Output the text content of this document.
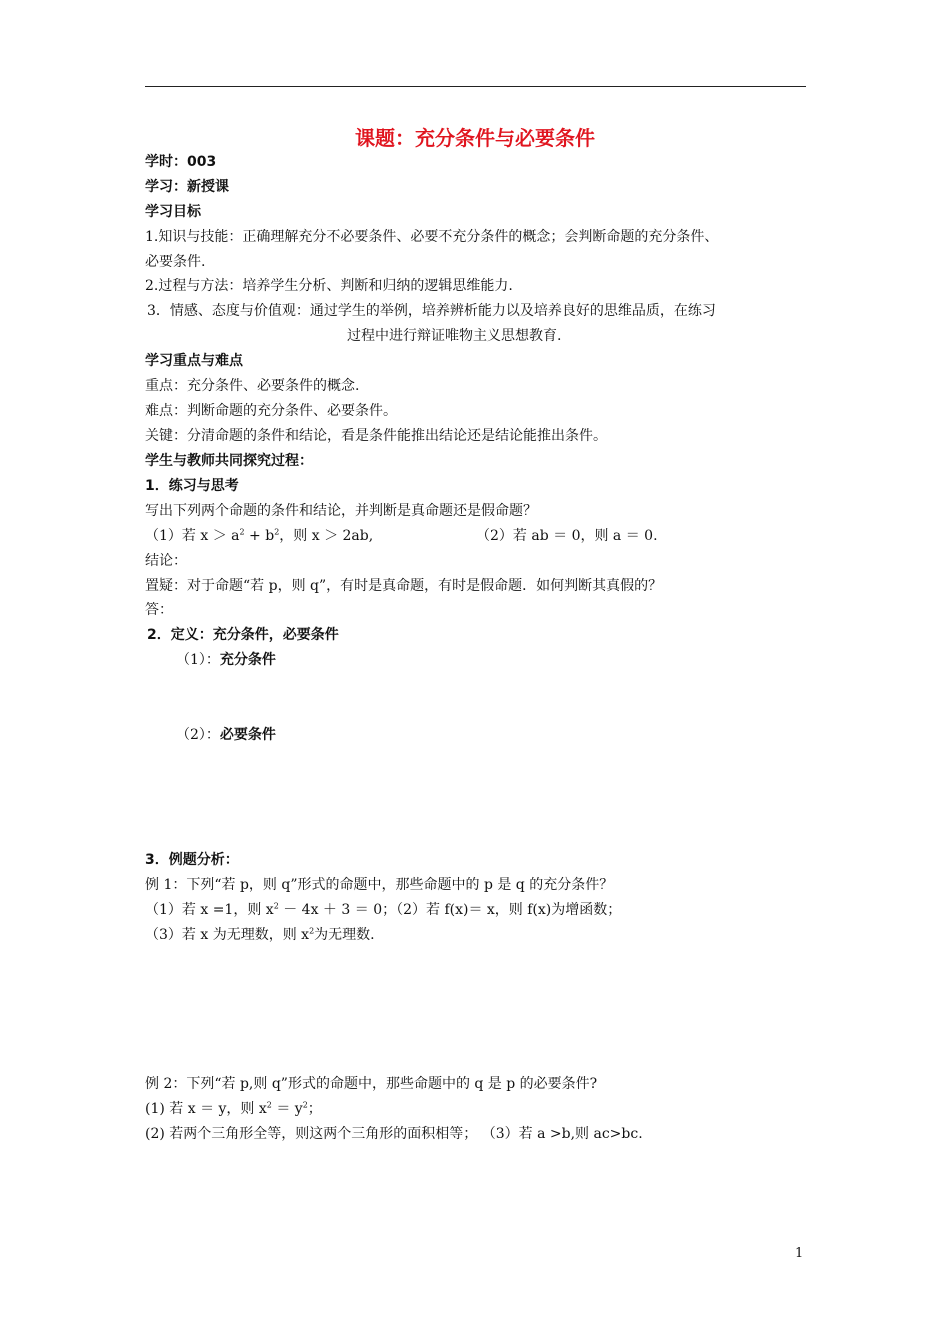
课题：充分条件与必要条件
学时：003
学习：新授课
学习目标
1.知识与技能：正确理解充分不必要条件、必要不充分条件的概念；会判断命题的充分条件、
必要条件.
2.过程与方法：培养学生分析、判断和归纳的逻辑思维能力.
3．情感、态度与价值观：通过学生的举例，培养辨析能力以及培养良好的思维品质，在练习
过程中进行辩证唯物主义思想教育.
学习重点与难点
重点：充分条件、必要条件的概念.
难点：判断命题的充分条件、必要条件。
关键：分清命题的条件和结论，看是条件能推出结论还是结论能推出条件。
学生与教师共同探究过程：
1．练习与思考
写出下列两个命题的条件和结论，并判断是真命题还是假命题？
（1）若 $x > a^2 + b^2$，则 x ＞ 2ab,	（2）若 ab ＝ 0，则 a ＝ 0.
结论：
置疑：对于命题“若 p，则 q”，有时是真命题，有时是假命题．如何判断其真假的？
答：
2．定义：充分条件，必要条件
（1）：充分条件
（2）：必要条件
3．例题分析：
例 1：下列“若 p，则 q”形式的命题中，那些命题中的 p 是 q 的充分条件？
（1）若 x =1，则 $x^2 - 4x + 3 = 0$；（2）若 f(x)＝ x，则 f(x)为增函数；
（3）若 x 为无理数，则 $x^2$为无理数.
例 2：下列“若 p,则 q”形式的命题中，那些命题中的 q 是 p 的必要条件?
(1) 若 x ＝ y，则 $x^2 = y^2$；
(2) 若两个三角形全等，则这两个三角形的面积相等； （3）若 a >b,则 ac>bc.
1
